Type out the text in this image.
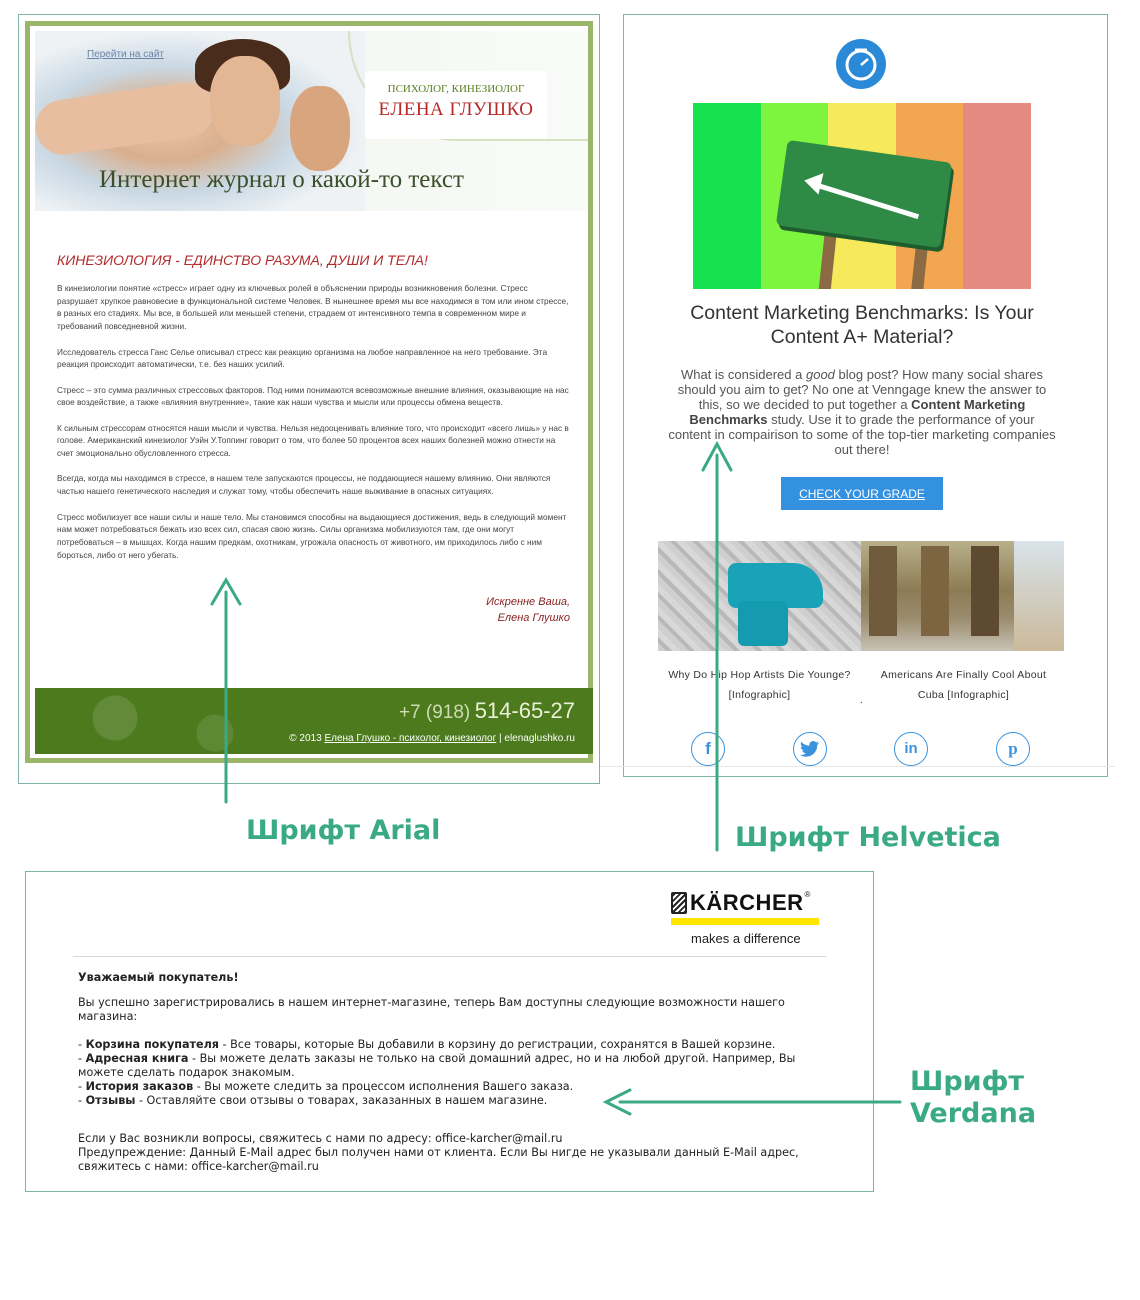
Перейти на сайт
ПСИХОЛОГ, КИНЕЗИОЛОГ
ЕЛЕНА ГЛУШКО
Интернет журнал о какой-то текст
КИНЕЗИОЛОГИЯ - ЕДИНСТВО РАЗУМА, ДУШИ И ТЕЛА!

В кинезиологии понятие «стресс» играет одну из ключевых ролей в объяснении природы возникновения болезни. Стресс разрушает хрупкое равновесие в функциональной системе Человек. В нынешнее время мы все находимся в том или ином стрессе, в разных его стадиях. Мы все, в большей или меньшей степени, страдаем от интенсивного темпа в современном мире и требований повседневной жизни.

Исследователь стресса Ганс Селье описывал стресс как реакцию организма на любое направленное на него требование. Эта реакция происходит автоматически, т.е. без наших усилий.

Стресс – это сумма различных стрессовых факторов. Под ними понимаются всевозможные внешние влияния, оказывающие на нас свое воздействие, а также «влияния внутренние», такие как наши чувства и мысли или процессы обмена веществ.

К сильным стрессорам относятся наши мысли и чувства. Нельзя недооценивать влияние того, что происходит «всего лишь» у нас в голове. Американский кинезиолог Уэйн У.Топпинг говорит о том, что более 50 процентов всех наших болезней можно отнести на счет эмоционально обусловленного стресса.

Всегда, когда мы находимся в стрессе, в нашем теле запускаются процессы, не поддающиеся нашему влиянию. Они являются частью нашего генетического наследия и служат тому, чтобы обеспечить наше выживание в опасных ситуациях.

Стресс мобилизует все наши силы и наше тело. Мы становимся способны на выдающиеся достижения, ведь в следующий момент нам может потребоваться бежать изо всех сил, спасая свою жизнь. Силы организма мобилизуются там, где они могут потребоваться – в мышцах. Когда нашим предкам, охотникам, угрожала опасность от животного, им приходилось либо с ним бороться, либо от него убегать.

Искренне Ваша,
Елена Глушко
+7 (918) 514-65-27
© 2013 Елена Глушко - психолог, кинезиолог | elenaglushko.ru
Content Marketing Benchmarks: Is Your Content A+ Material?
What is considered a good blog post? How many social shares should you aim to get? No one at Venngage knew the answer to this, so we decided to put together a Content Marketing Benchmarks study. Use it to grade the performance of your content in compairison to some of the top-tier marketing companies out there!
CHECK YOUR GRADE
Why Do Hip Hop Artists Die Younge?
[Infographic]
Americans Are Finally Cool About
Cuba [Infographic]
.
f	in	p
KÄRCHER ®
makes a difference
Уважаемый покупатель!
Вы успешно зарегистрировались в нашем интернет-магазине, теперь Вам доступны следующие возможности нашего магазина:
- Корзина покупателя - Все товары, которые Вы добавили в корзину до регистрации, сохранятся в Вашей корзине.
- Адресная книга - Вы можете делать заказы не только на свой домашний адрес, но и на любой другой. Например, Вы можете сделать подарок знакомым.
- История заказов - Вы можете следить за процессом исполнения Вашего заказа.
- Отзывы - Оставляйте свои отзывы о товарах, заказанных в нашем магазине.
Если у Вас возникли вопросы, свяжитесь с нами по адресу: office-karcher@mail.ru
Предупреждение: Данный E-Mail адрес был получен нами от клиента. Если Вы нигде не указывали данный E-Mail адрес, свяжитесь с нами: office-karcher@mail.ru
Шрифт Arial	Шрифт Helvetica
Шрифт
Verdana
